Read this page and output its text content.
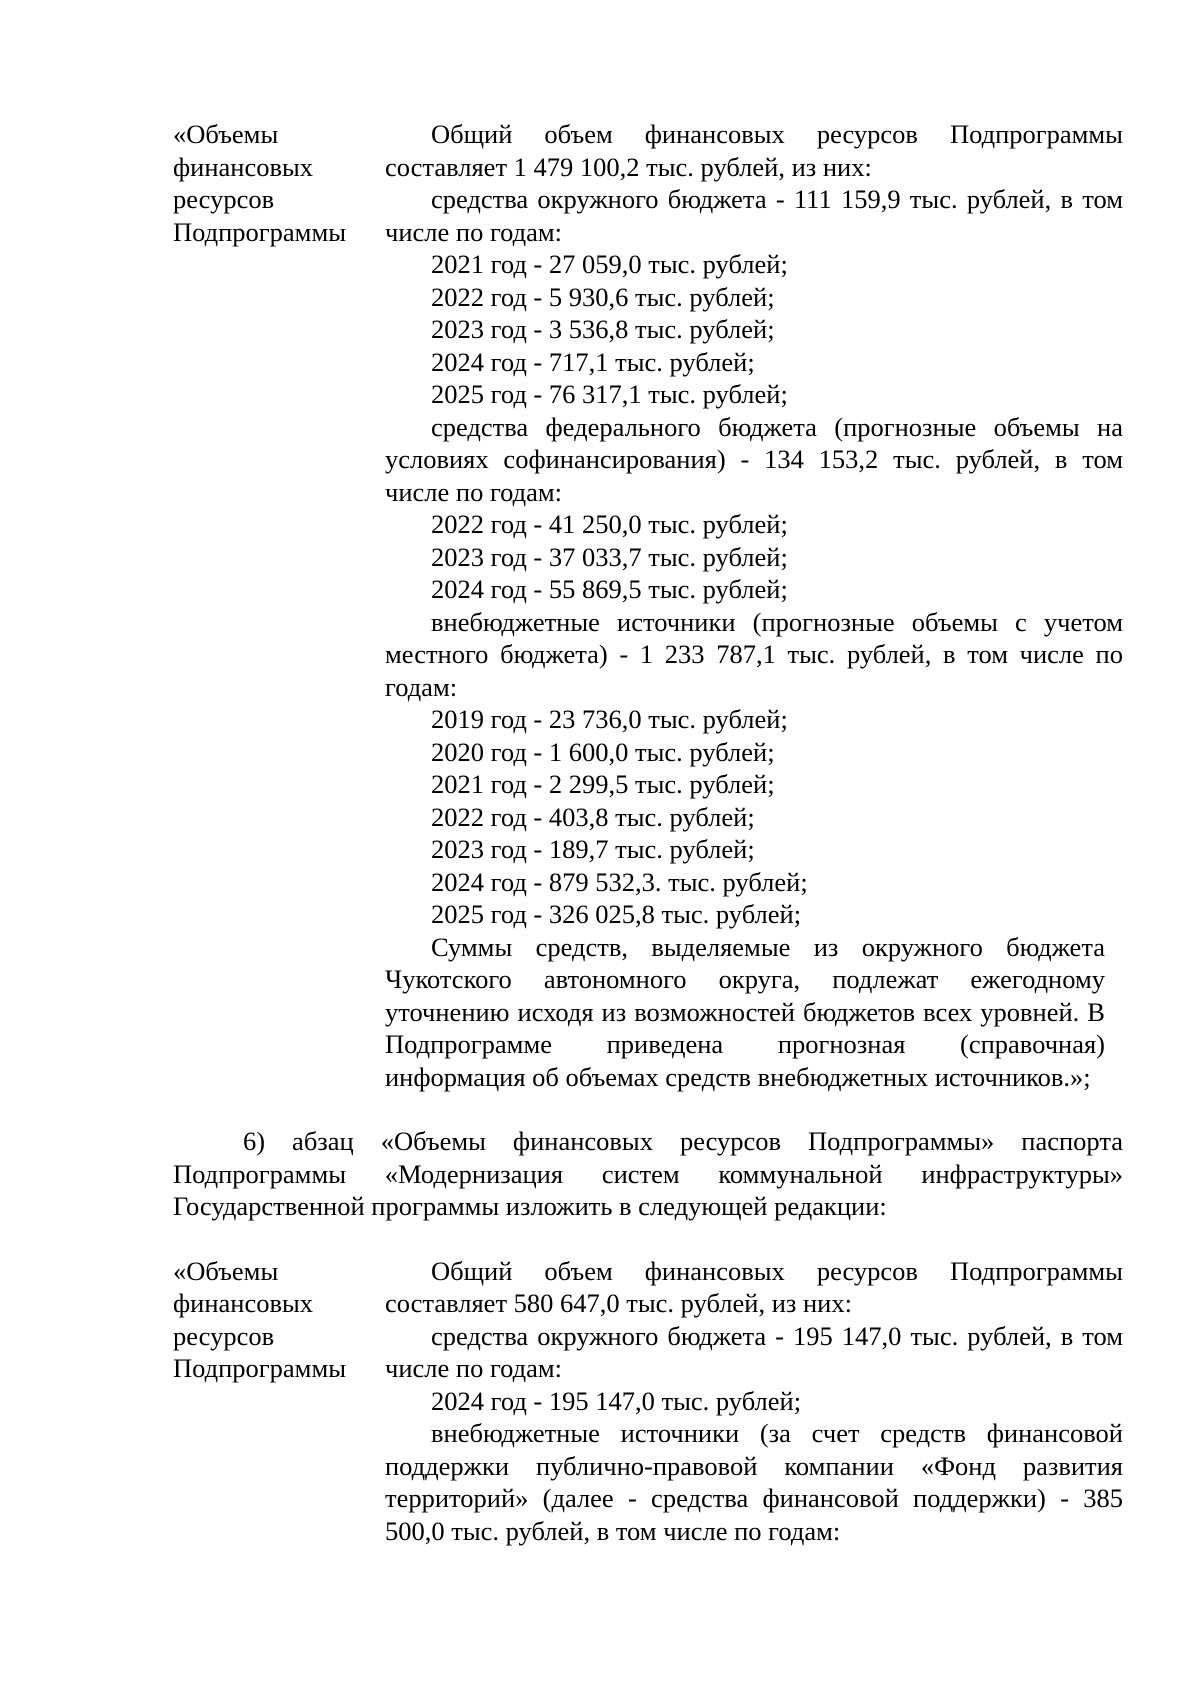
«Объемы
финансовых
ресурсов
Подпрограммы

Общий объем финансовых ресурсов Подпрограммы составляет 1 479 100,2 тыс. рублей, из них:

средства окружного бюджета - 111 159,9 тыс. рублей, в том числе по годам:

2021 год - 27 059,0 тыс. рублей;

2022 год - 5 930,6 тыс. рублей;

2023 год - 3 536,8 тыс. рублей;

2024 год - 717,1 тыс. рублей;

2025 год - 76 317,1 тыс. рублей;

средства федерального бюджета (прогнозные объемы на условиях софинансирования) - 134 153,2 тыс. рублей, в том числе по годам:

2022 год - 41 250,0 тыс. рублей;

2023 год - 37 033,7 тыс. рублей;

2024 год - 55 869,5 тыс. рублей;

внебюджетные источники (прогнозные объемы с учетом местного бюджета) - 1 233 787,1 тыс. рублей, в том числе по годам:

2019 год - 23 736,0 тыс. рублей;

2020 год - 1 600,0 тыс. рублей;

2021 год - 2 299,5 тыс. рублей;

2022 год - 403,8 тыс. рублей;

2023 год - 189,7 тыс. рублей;

2024 год - 879 532,3. тыс. рублей;

2025 год - 326 025,8 тыс. рублей;

Суммы средств, выделяемые из окружного бюджета Чукотского автономного округа, подлежат ежегодному уточнению исходя из возможностей бюджетов всех уровней. В Подпрограмме приведена прогнозная (справочная) информация об объемах средств внебюджетных источников.»;

6) абзац «Объемы финансовых ресурсов Подпрограммы» паспорта Подпрограммы «Модернизация систем коммунальной инфраструктуры» Государственной программы изложить в следующей редакции:

«Объемы
финансовых
ресурсов
Подпрограммы

Общий объем финансовых ресурсов Подпрограммы составляет 580 647,0 тыс. рублей, из них:

средства окружного бюджета - 195 147,0 тыс. рублей, в том числе по годам:

2024 год - 195 147,0 тыс. рублей;

внебюджетные источники (за счет средств финансовой поддержки публично-правовой компании «Фонд развития территорий» (далее - средства финансовой поддержки) - 385 500,0 тыс. рублей, в том числе по годам:
